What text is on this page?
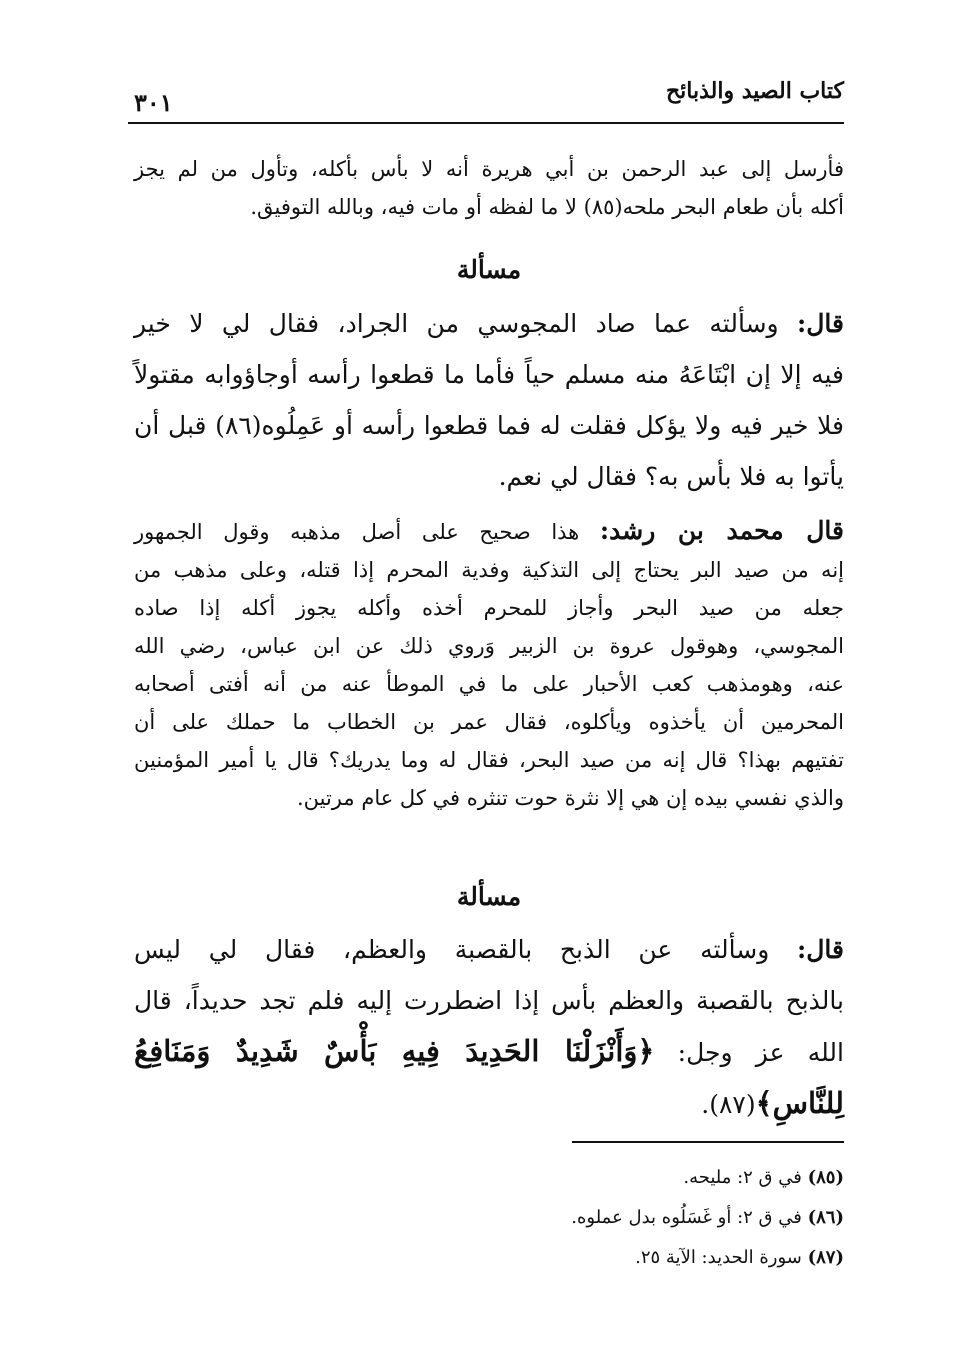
كتاب الصيد والذبائح
٣٠١
فأرسل إلى عبد الرحمن بن أبي هريرة أنه لا بأس بأكله، وتأول من لم يجز
أكله بأن طعام البحر ملحه(٨٥) لا ما لفظه أو مات فيه، وبالله التوفيق.
مسألة
قال: وسألته عما صاد المجوسي من الجراد، فقال لي لا خير
فيه إلا إن ابْتَاعَهُ منه مسلم حياً فأما ما قطعوا رأسه أوجاؤوابه مقتولاً
فلا خير فيه ولا يؤكل فقلت له فما قطعوا رأسه أو عَمِلُوه(٨٦) قبل أن
يأتوا به فلا بأس به؟ فقال لي نعم.
قال محمد بن رشد: هذا صحيح على أصل مذهبه وقول الجمهور
إنه من صيد البر يحتاج إلى التذكية وفدية المحرم إذا قتله، وعلى مذهب من
جعله من صيد البحر وأجاز للمحرم أخذه وأكله يجوز أكله إذا صاده
المجوسي، وهوقول عروة بن الزبير وَروي ذلك عن ابن عباس، رضي الله
عنه، وهومذهب كعب الأحبار على ما في الموطأ عنه من أنه أفتى أصحابه
المحرمين أن يأخذوه ويأكلوه، فقال عمر بن الخطاب ما حملك على أن
تفتيهم بهذا؟ قال إنه من صيد البحر، فقال له وما يدريك؟ قال يا أمير المؤمنين
والذي نفسي بيده إن هي إلا نثرة حوت تنثره في كل عام مرتين.
مسألة
قال: وسألته عن الذبح بالقصبة والعظم، فقال لي ليس
بالذبح بالقصبة والعظم بأس إذا اضطررت إليه فلم تجد حديداً، قال
الله عز وجل: ﴿وَأَنْزَلْنَا الحَدِيدَ فِيهِ بَأْسٌ شَدِيدٌ وَمَنَافِعُ
لِلنَّاسِ﴾(٨٧).
(٨٥) في ق ٢: مليحه.
(٨٦) في ق ٢: أو غَسَلُوه بدل عملوه.
(٨٧) سورة الحديد: الآية ٢٥.
